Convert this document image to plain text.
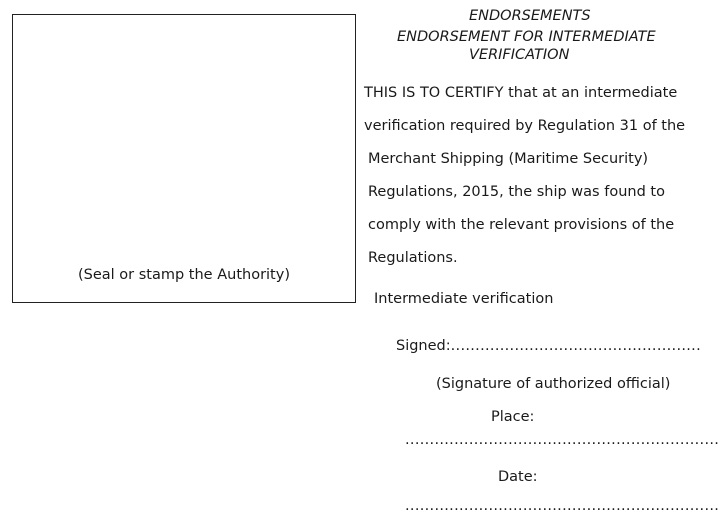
(Seal or stamp the Authority)
ENDORSEMENTS
ENDORSEMENT FOR INTERMEDIATE
VERIFICATION
THIS IS TO CERTIFY that at an intermediate
verification required by Regulation 31 of the
Merchant Shipping (Maritime Security)
Regulations, 2015, the ship was found to
comply with the relevant provisions of the
Regulations.
Intermediate verification
Signed:...................................................
(Signature of authorized official)
Place:
................................................................
Date:
................................................................
